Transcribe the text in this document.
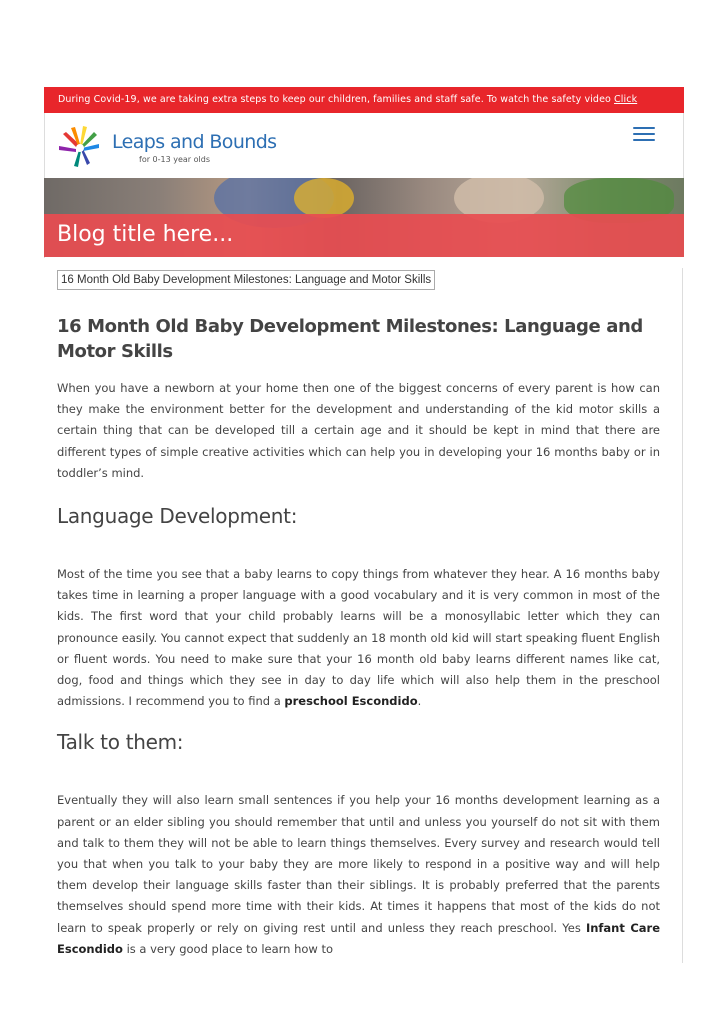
During Covid-19, we are taking extra steps to keep our children, families and staff safe. To watch the safety video Click
Leaps and Bounds
for 0-13 year olds
Blog title here...
16 Month Old Baby Development Milestones: Language and Motor Skills
16 Month Old Baby Development Milestones: Language and Motor Skills

When you have a newborn at your home then one of the biggest concerns of every parent is how can they make the environment better for the development and understanding of the kid motor skills a certain thing that can be developed till a certain age and it should be kept in mind that there are different types of simple creative activities which can help you in developing your 16 months baby or in toddler’s mind.

Language Development:

Most of the time you see that a baby learns to copy things from whatever they hear. A 16 months baby takes time in learning a proper language with a good vocabulary and it is very common in most of the kids. The first word that your child probably learns will be a monosyllabic letter which they can pronounce easily. You cannot expect that suddenly an 18 month old kid will start speaking fluent English or fluent words. You need to make sure that your 16 month old baby learns different names like cat, dog, food and things which they see in day to day life which will also help them in the preschool admissions. I recommend you to find a preschool Escondido.

Talk to them:

Eventually they will also learn small sentences if you help your 16 months development learning as a parent or an elder sibling you should remember that until and unless you yourself do not sit with them and talk to them they will not be able to learn things themselves. Every survey and research would tell you that when you talk to your baby they are more likely to respond in a positive way and will help them develop their language skills faster than their siblings. It is probably preferred that the parents themselves should spend more time with their kids. At times it happens that most of the kids do not learn to speak properly or rely on giving rest until and unless they reach preschool. Yes Infant Care Escondido is a very good place to learn how to
